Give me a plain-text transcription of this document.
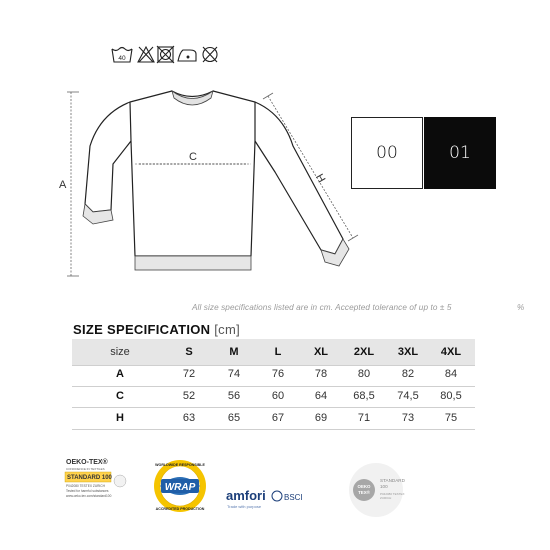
40
A
C
H
00	01
All size specifications listed are in cm. Accepted tolerance of up to ± 5	%
SIZE SPECIFICATION [cm]
size	S	M	L	XL	2XL	3XL	4XL
A	72	74	76	78	80	82	84
C	52	56	60	64	68,5	74,5	80,5
H	63	65	67	69	71	73	75
OEKO-TEX®
CONFIDENCE IN TEXTILES
STANDARD 100
P042080 TESTEX ZURICH
Tested for harmful substances
www.oeko-tex.com/standard100
WRAP
WORLDWIDE RESPONSIBLE
ACCREDITED PRODUCTION
amfori BSCI
Trade with purpose
OEKO
TEX®
STANDARD
100
P042080 TESTEX
ZURICH
